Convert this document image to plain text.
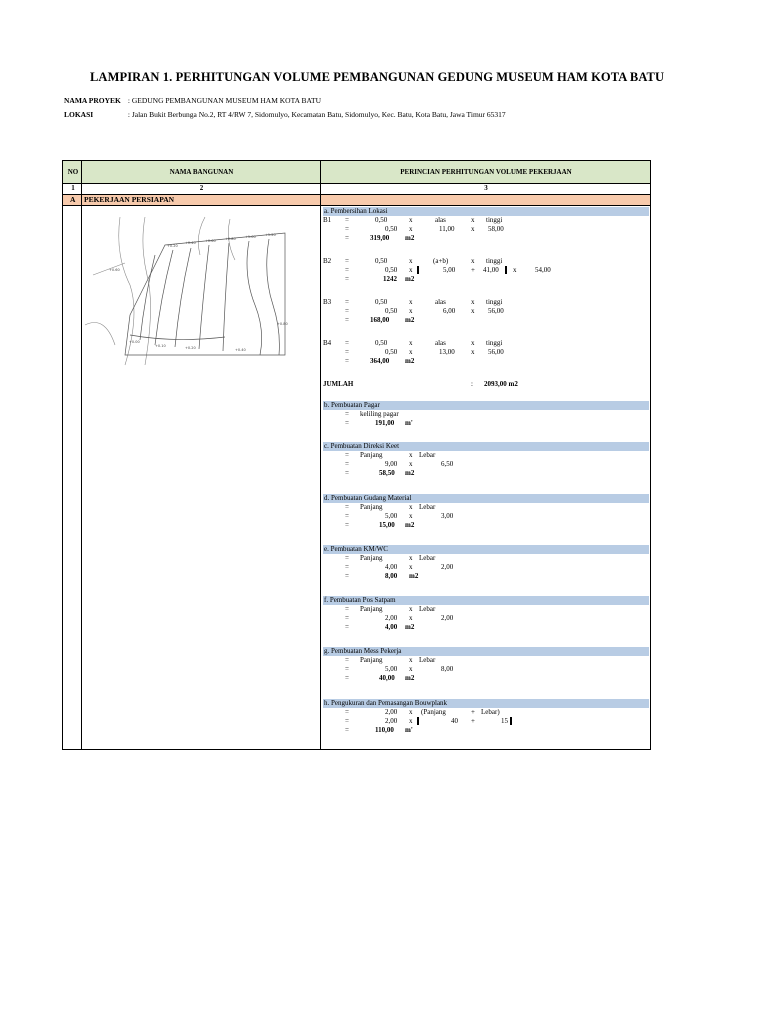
LAMPIRAN 1. PERHITUNGAN VOLUME PEMBANGUNAN GEDUNG MUSEUM HAM KOTA BATU
NAMA PROYEK : GEDUNG PEMBANGUNAN MUSEUM HAM KOTA BATU
LOKASI	: Jalan Bukit Berbunga No.2, RT 4/RW 7, Sidomulyo, Kecamatan Batu, Sidomulyo, Kec. Batu, Kota Batu, Jawa Timur 65317
NO	NAMA BANGUNAN	PERINCIAN PERHITUNGAN VOLUME PEKERJAAN
1	2	3
A PEKERJAAN PERSIAPAN
+0.20
+0.40	+0.60	+0.80	+1.00	+1.20
+0.00
+0.10	+0.20	+0.40
+0.80
+0.60
a. Pembersihan Lokasi
B1 =	0,50	x	alas	x tinggi
=	0,50 x	11,00 x 58,00
=	319,00 m2
B2 =	0,50	x	(a+b)	x tinggi
=	0,50 x	5,00 + 41,00 x	54,00
=	1242 m2
B3 =	0,50	x	alas	x tinggi
=	0,50 x	6,00 x 56,00
=	168,00 m2
B4 =	0,50	x	alas	x tinggi
=	0,50 x	13,00 x 56,00
=	364,00 m2
JUMLAH	: 2093,00 m2
b. Pembuatan Pagar
= keliling pagar
=	191,00 m'
c. Pembuatan Direksi Keet
= Panjang	x Lebar
=	9,00 x	6,50
=	58,50 m2
d. Pembuatan Gudang Material
= Panjang	x Lebar
=	5,00 x	3,00
=	15,00 m2
e. Pembuatan KM/WC
= Panjang	x Lebar
=	4,00 x	2,00
=	8,00 m2
f. Pembuatan Pos Satpam
= Panjang	x Lebar
=	2,00 x	2,00
=	4,00 m2
g. Pembuatan Mess Pekerja
= Panjang	x Lebar
=	5,00 x	8,00
=	40,00 m2
h. Pengukuran dan Pemasangan Bouwplank
=	2,00 x (Panjang	+ Lebar)
=	2,00 x	40 +	15
=	110,00 m'
